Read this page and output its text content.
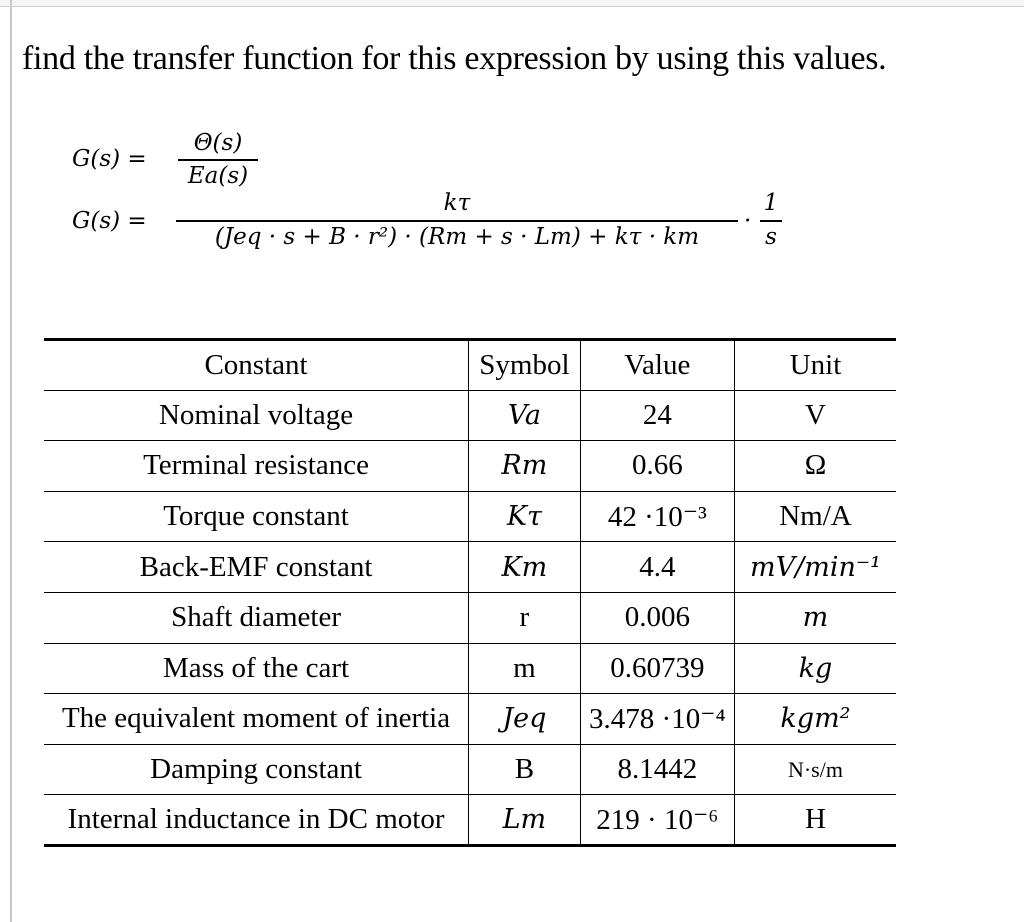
find the transfer function for this expression by using this values.
G(s) =
Θ(s)
Ea(s)
G(s) =
kτ
(Jeq · s + B · r²) · (Rm + s · Lm) + kτ · km
·
1
s
Constant	Symbol	Value	Unit
Nominal voltage	Va	24	V
Terminal resistance	Rm	0.66	Ω
Torque constant	Kτ	42 ·10⁻³	Nm/A
Back-EMF constant	Km	4.4	mV/min⁻¹
Shaft diameter	r	0.006	m
Mass of the cart	m	0.60739	kg
The equivalent moment of inertia	Jeq	3.478 ·10⁻⁴	kgm²
Damping constant	B	8.1442	N·s/m
Internal inductance in DC motor	Lm	219 · 10⁻⁶	H
